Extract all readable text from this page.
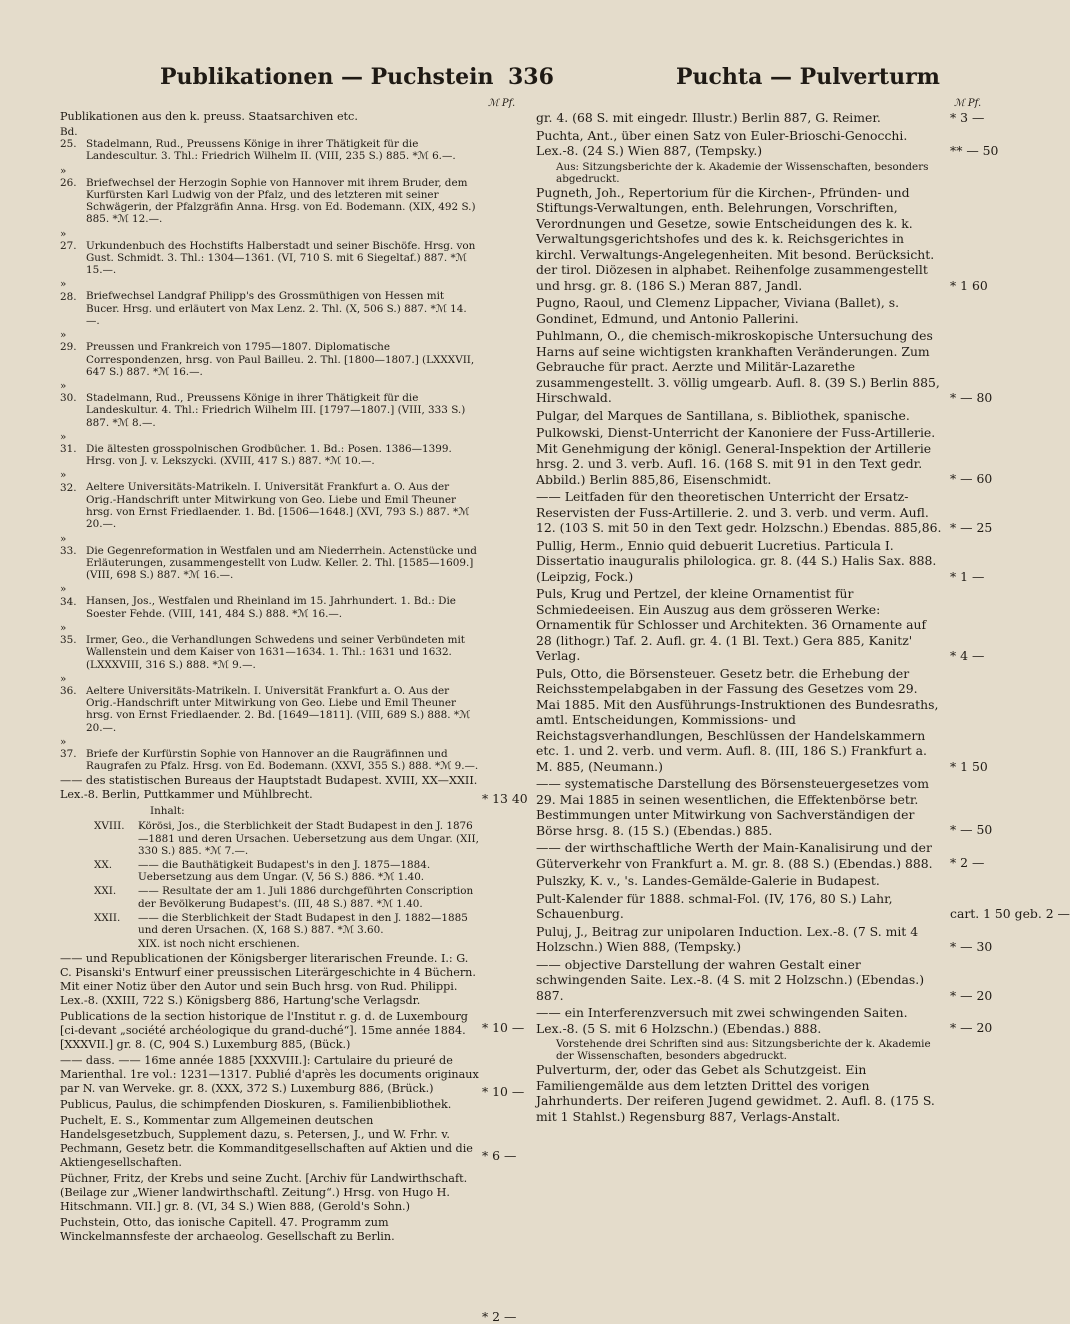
Publikationen — Puchstein 336	Puchta — Pulverturm
ℳ Pf.	ℳ Pf.
Publikationen aus den k. preuss. Staatsarchiven etc.
Bd. 25. Stadelmann, Rud., Preussens Könige in ihrer Thätigkeit für die Landescultur. 3. Thl.: Friedrich Wilhelm II. (VIII, 235 S.) 885. *ℳ 6.—.
» 26. Briefwechsel der Herzogin Sophie von Hannover mit ihrem Bruder, dem Kurfürsten Karl Ludwig von der Pfalz, und des letzteren mit seiner Schwägerin, der Pfalzgräfin Anna. Hrsg. von Ed. Bodemann. (XIX, 492 S.) 885. *ℳ 12.—.
» 27. Urkundenbuch des Hochstifts Halberstadt und seiner Bischöfe. Hrsg. von Gust. Schmidt. 3. Thl.: 1304—1361. (VI, 710 S. mit 6 Siegeltaf.) 887. *ℳ 15.—.
» 28. Briefwechsel Landgraf Philipp's des Grossmüthigen von Hessen mit Bucer. Hrsg. und erläutert von Max Lenz. 2. Thl. (X, 506 S.) 887. *ℳ 14.—.
» 29. Preussen und Frankreich von 1795—1807. Diplomatische Correspondenzen, hrsg. von Paul Bailleu. 2. Thl. [1800—1807.] (LXXXVII, 647 S.) 887. *ℳ 16.—.
» 30. Stadelmann, Rud., Preussens Könige in ihrer Thätigkeit für die Landeskultur. 4. Thl.: Friedrich Wilhelm III. [1797—1807.] (VIII, 333 S.) 887. *ℳ 8.—.
» 31. Die ältesten grosspolnischen Grodbücher. 1. Bd.: Posen. 1386—1399. Hrsg. von J. v. Lekszycki. (XVIII, 417 S.) 887. *ℳ 10.—.
» 32. Aeltere Universitäts-Matrikeln. I. Universität Frankfurt a. O. Aus der Orig.-Handschrift unter Mitwirkung von Geo. Liebe und Emil Theuner hrsg. von Ernst Friedlaender. 1. Bd. [1506—1648.] (XVI, 793 S.) 887. *ℳ 20.—.
» 33. Die Gegenreformation in Westfalen und am Niederrhein. Actenstücke und Erläuterungen, zusammengestellt von Ludw. Keller. 2. Thl. [1585—1609.] (VIII, 698 S.) 887. *ℳ 16.—.
» 34. Hansen, Jos., Westfalen und Rheinland im 15. Jahrhundert. 1. Bd.: Die Soester Fehde. (VIII, 141, 484 S.) 888. *ℳ 16.—.
» 35. Irmer, Geo., die Verhandlungen Schwedens und seiner Verbündeten mit Wallenstein und dem Kaiser von 1631—1634. 1. Thl.: 1631 und 1632. (LXXXVIII, 316 S.) 888. *ℳ 9.—.
» 36. Aeltere Universitäts-Matrikeln. I. Universität Frankfurt a. O. Aus der Orig.-Handschrift unter Mitwirkung von Geo. Liebe und Emil Theuner hrsg. von Ernst Friedlaender. 2. Bd. [1649—1811]. (VIII, 689 S.) 888. *ℳ 20.—.
» 37. Briefe der Kurfürstin Sophie von Hannover an die Raugräfinnen und Raugrafen zu Pfalz. Hrsg. von Ed. Bodemann. (XXVI, 355 S.) 888. *ℳ 9.—.
—— des statistischen Bureaus der Hauptstadt Budapest. XVIII, XX—XXII. Lex.-8. Berlin, Puttkammer und Mühlbrecht.
Inhalt:
XVIII. Körösi, Jos., die Sterblichkeit der Stadt Budapest in den J. 1876—1881 und deren Ursachen. Uebersetzung aus dem Ungar. (XII, 330 S.) 885. *ℳ 7.—.
XX. —— die Bauthätigkeit Budapest's in den J. 1875—1884. Uebersetzung aus dem Ungar. (V, 56 S.) 886. *ℳ 1.40.
XXI. —— Resultate der am 1. Juli 1886 durchgeführten Conscription der Bevölkerung Budapest's. (III, 48 S.) 887. *ℳ 1.40.
XXII. —— die Sterblichkeit der Stadt Budapest in den J. 1882—1885 und deren Ursachen. (X, 168 S.) 887. *ℳ 3.60.
XIX. ist noch nicht erschienen.
—— und Republicationen der Königsberger literarischen Freunde. I.: G. C. Pisanski's Entwurf einer preussischen Literärgeschichte in 4 Büchern. Mit einer Notiz über den Autor und sein Buch hrsg. von Rud. Philippi. Lex.-8. (XXIII, 722 S.) Königsberg 886, Hartung'sche Verlagsdr.
Publications de la section historique de l'Institut r. g. d. de Luxembourg [ci-devant „société archéologique du grand-duché“]. 15me année 1884. [XXXVII.] gr. 8. (C, 904 S.) Luxemburg 885, (Bück.)
—— dass. —— 16me année 1885 [XXXVIII.]: Cartulaire du prieuré de Marienthal. 1re vol.: 1231—1317. Publié d'après les documents originaux par N. van Werveke. gr. 8. (XXX, 372 S.) Luxemburg 886, (Brück.)
Publicus, Paulus, die schimpfenden Dioskuren, s. Familienbibliothek.
Puchelt, E. S., Kommentar zum Allgemeinen deutschen Handelsgesetzbuch, Supplement dazu, s. Petersen, J., und W. Frhr. v. Pechmann, Gesetz betr. die Kommanditgesellschaften auf Aktien und die Aktiengesellschaften.
Püchner, Fritz, der Krebs und seine Zucht. [Archiv für Landwirthschaft. (Beilage zur „Wiener landwirthschaftl. Zeitung“.) Hrsg. von Hugo H. Hitschmann. VII.] gr. 8. (VI, 34 S.) Wien 888, (Gerold's Sohn.)
Puchstein, Otto, das ionische Capitell. 47. Programm zum Winckelmannsfeste der archaeolog. Gesellschaft zu Berlin.
gr. 4. (68 S. mit eingedr. Illustr.) Berlin 887, G. Reimer.
Puchta, Ant., über einen Satz von Euler-Brioschi-Genocchi. Lex.-8. (24 S.) Wien 887, (Tempsky.)
Aus: Sitzungsberichte der k. Akademie der Wissenschaften, besonders abgedruckt.
Pugneth, Joh., Repertorium für die Kirchen-, Pfründen- und Stiftungs-Verwaltungen, enth. Belehrungen, Vorschriften, Verordnungen und Gesetze, sowie Entscheidungen des k. k. Verwaltungsgerichtshofes und des k. k. Reichsgerichtes in kirchl. Verwaltungs-Angelegenheiten. Mit besond. Berücksicht. der tirol. Diözesen in alphabet. Reihenfolge zusammengestellt und hrsg. gr. 8. (186 S.) Meran 887, Jandl.
Pugno, Raoul, und Clemenz Lippacher, Viviana (Ballet), s. Gondinet, Edmund, und Antonio Pallerini.
Puhlmann, O., die chemisch-mikroskopische Untersuchung des Harns auf seine wichtigsten krankhaften Veränderungen. Zum Gebrauche für pract. Aerzte und Militär-Lazarethe zusammengestellt. 3. völlig umgearb. Aufl. 8. (39 S.) Berlin 885, Hirschwald.
Pulgar, del Marques de Santillana, s. Bibliothek, spanische.
Pulkowski, Dienst-Unterricht der Kanoniere der Fuss-Artillerie. Mit Genehmigung der königl. General-Inspektion der Artillerie hrsg. 2. und 3. verb. Aufl. 16. (168 S. mit 91 in den Text gedr. Abbild.) Berlin 885,86, Eisenschmidt.
—— Leitfaden für den theoretischen Unterricht der Ersatz-Reservisten der Fuss-Artillerie. 2. und 3. verb. und verm. Aufl. 12. (103 S. mit 50 in den Text gedr. Holzschn.) Ebendas. 885,86.
Pullig, Herm., Ennio quid debuerit Lucretius. Particula I. Dissertatio inauguralis philologica. gr. 8. (44 S.) Halis Sax. 888. (Leipzig, Fock.)
Puls, Krug und Pertzel, der kleine Ornamentist für Schmiedeeisen. Ein Auszug aus dem grösseren Werke: Ornamentik für Schlosser und Architekten. 36 Ornamente auf 28 (lithogr.) Taf. 2. Aufl. gr. 4. (1 Bl. Text.) Gera 885, Kanitz' Verlag.
Puls, Otto, die Börsensteuer. Gesetz betr. die Erhebung der Reichsstempelabgaben in der Fassung des Gesetzes vom 29. Mai 1885. Mit den Ausführungs-Instruktionen des Bundesraths, amtl. Entscheidungen, Kommissions- und Reichstagsverhandlungen, Beschlüssen der Handelskammern etc. 1. und 2. verb. und verm. Aufl. 8. (III, 186 S.) Frankfurt a. M. 885, (Neumann.)
—— systematische Darstellung des Börsensteuergesetzes vom 29. Mai 1885 in seinen wesentlichen, die Effektenbörse betr. Bestimmungen unter Mitwirkung von Sachverständigen der Börse hrsg. 8. (15 S.) (Ebendas.) 885.
—— der wirthschaftliche Werth der Main-Kanalisirung und der Güterverkehr von Frankfurt a. M. gr. 8. (88 S.) (Ebendas.) 888.
Pulszky, K. v., 's. Landes-Gemälde-Galerie in Budapest.
Pult-Kalender für 1888. schmal-Fol. (IV, 176, 80 S.) Lahr, Schauenburg.
Puluj, J., Beitrag zur unipolaren Induction. Lex.-8. (7 S. mit 4 Holzschn.) Wien 888, (Tempsky.)
—— objective Darstellung der wahren Gestalt einer schwingenden Saite. Lex.-8. (4 S. mit 2 Holzschn.) (Ebendas.) 887.
—— ein Interferenzversuch mit zwei schwingenden Saiten. Lex.-8. (5 S. mit 6 Holzschn.) (Ebendas.) 888.
Vorstehende drei Schriften sind aus: Sitzungsberichte der k. Akademie der Wissenschaften, besonders abgedruckt.
Pulverturm, der, oder das Gebet als Schutzgeist. Ein Familiengemälde aus dem letzten Drittel des vorigen Jahrhunderts. Der reiferen Jugend gewidmet. 2. Aufl. 8. (175 S. mit 1 Stahlst.) Regensburg 887, Verlags-Anstalt.
* 13 40
* 10 —
* 10 —
* 6 —
* 2 —
* 3 —
** — 50
* 1 60
* — 80
* — 60
* — 25
* 1 —
* 4 —
* 1 50
* — 50
* 2 —
cart. 1 50 geb. 2 —
* — 30
* — 20
* — 20
